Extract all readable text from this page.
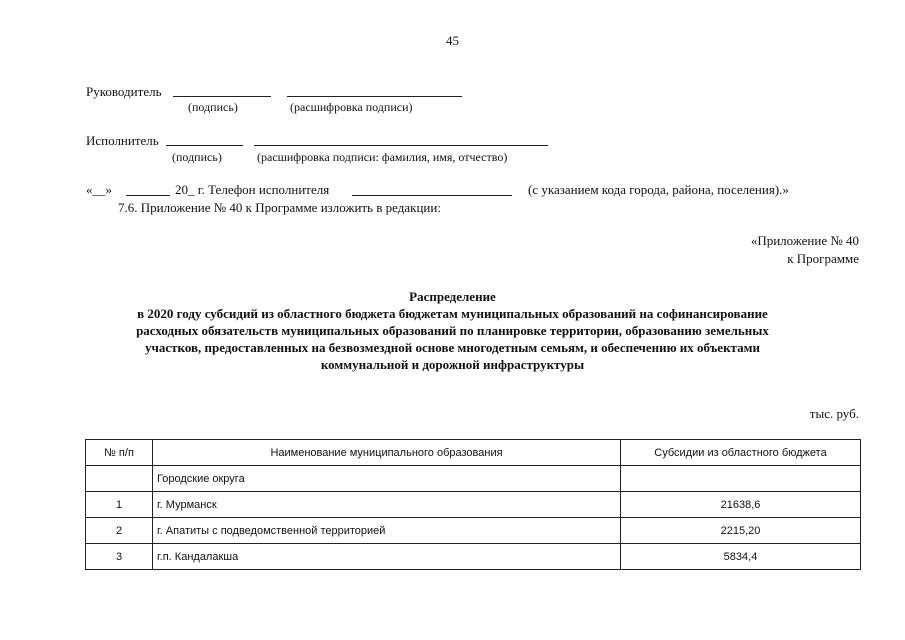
45
Руководитель
(подпись)	(расшифровка подписи)
Исполнитель
(подпись)	(расшифровка подписи: фамилия, имя, отчество)
«__»	20_ г. Телефон исполнителя	(с указанием кода города, района, поселения).»
7.6. Приложение № 40 к Программе изложить в редакции:
«Приложение № 40
к Программе
Распределение
в 2020 году субсидий из областного бюджета бюджетам муниципальных образований на софинансирование
расходных обязательств муниципальных образований по планировке территории, образованию земельных
участков, предоставленных на безвозмездной основе многодетным семьям, и обеспечению их объектами
коммунальной и дорожной инфраструктуры
тыс. руб.
№ п/п	Наименование муниципального образования	Субсидии из областного бюджета
	Городские округа	
1	г. Мурманск	21638,6
2	г. Апатиты с подведомственной территорией	2215,20
3	г.п. Кандалакша	5834,4
